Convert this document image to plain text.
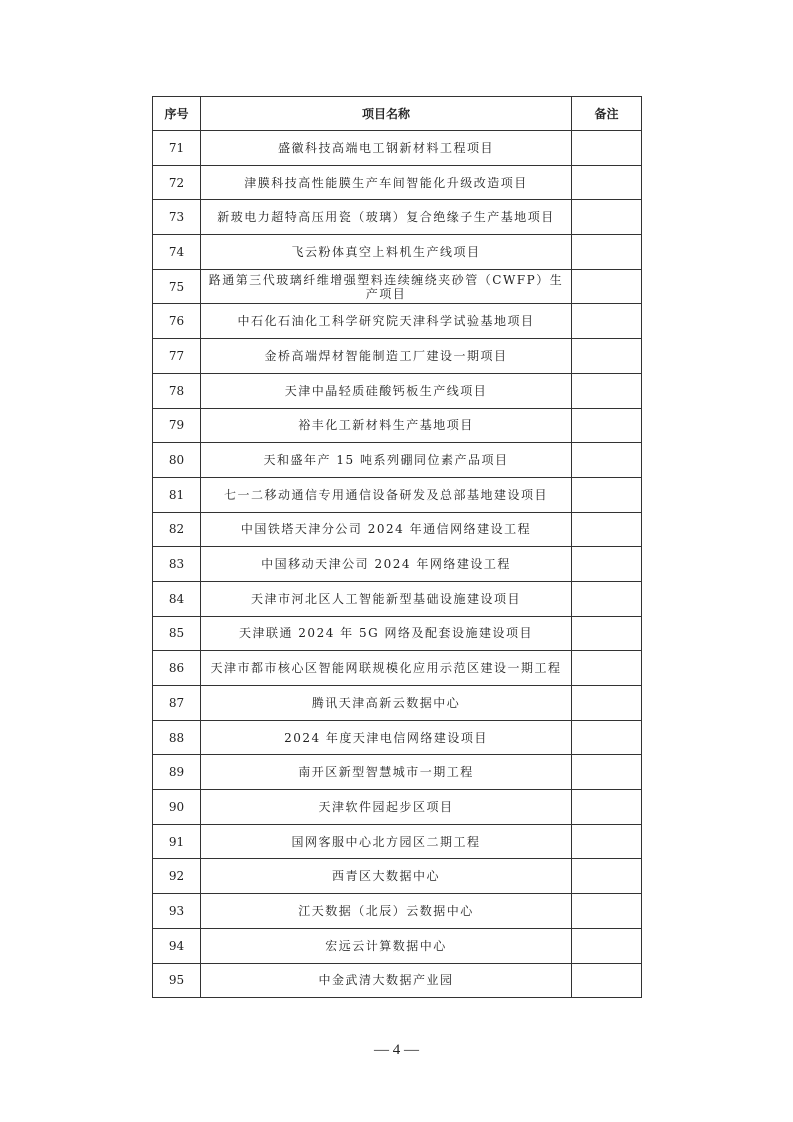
序号	项目名称	备注
71	盛徽科技高端电工钢新材料工程项目	
72	津膜科技高性能膜生产车间智能化升级改造项目	
73	新玻电力超特高压用瓷（玻璃）复合绝缘子生产基地项目	
74	飞云粉体真空上料机生产线项目	
75	路通第三代玻璃纤维增强塑料连续缠绕夹砂管（CWFP）生产项目	
76	中石化石油化工科学研究院天津科学试验基地项目	
77	金桥高端焊材智能制造工厂建设一期项目	
78	天津中晶轻质硅酸钙板生产线项目	
79	裕丰化工新材料生产基地项目	
80	天和盛年产 15 吨系列硼同位素产品项目	
81	七一二移动通信专用通信设备研发及总部基地建设项目	
82	中国铁塔天津分公司 2024 年通信网络建设工程	
83	中国移动天津公司 2024 年网络建设工程	
84	天津市河北区人工智能新型基础设施建设项目	
85	天津联通 2024 年 5G 网络及配套设施建设项目	
86	天津市都市核心区智能网联规模化应用示范区建设一期工程	
87	腾讯天津高新云数据中心	
88	2024 年度天津电信网络建设项目	
89	南开区新型智慧城市一期工程	
90	天津软件园起步区项目	
91	国网客服中心北方园区二期工程	
92	西青区大数据中心	
93	江天数据（北辰）云数据中心	
94	宏远云计算数据中心	
95	中金武清大数据产业园	
— 4 —
